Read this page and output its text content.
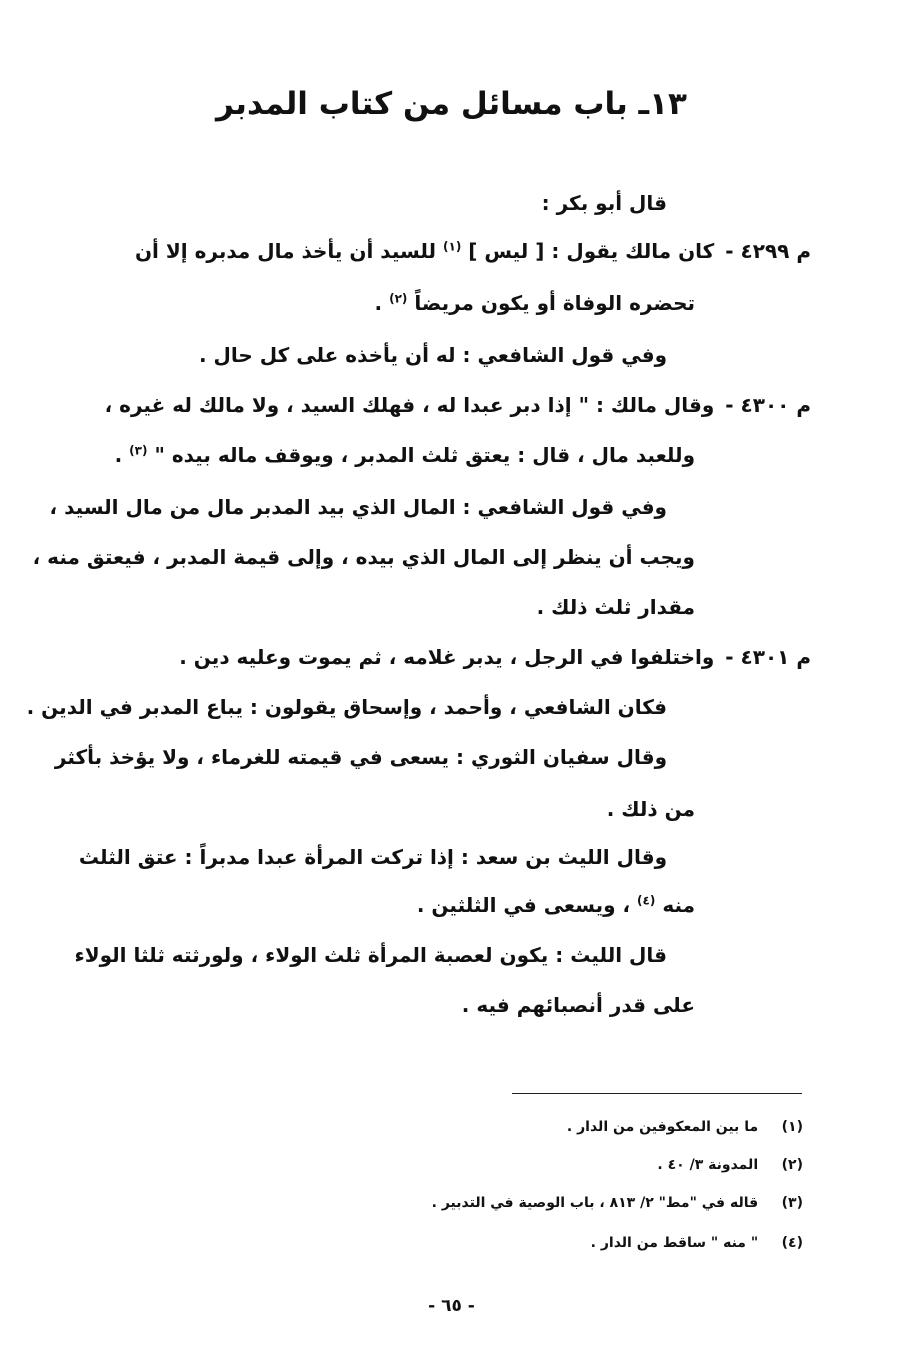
١٣ـ باب مسائل من كتاب المدبر
قال أبو بكر :
م ٤٢٩٩ - كان مالك يقول : [ ليس ] $^{(١)}$ للسيد أن يأخذ مال مدبره إلا أن
تحضره الوفاة أو يكون مريضاً $^{(٢)}$ .
وفي قول الشافعي : له أن يأخذه على كل حال .
م ٤٣٠٠ - وقال مالك : " إذا دبر عبدا له ، فهلك السيد ، ولا مالك له غيره ،
وللعبد مال ، قال : يعتق ثلث المدبر ، ويوقف ماله بيده " $^{(٣)}$ .
وفي قول الشافعي : المال الذي بيد المدبر مال من مال السيد ،
ويجب أن ينظر إلى المال الذي بيده ، وإلى قيمة المدبر ، فيعتق منه ،
مقدار ثلث ذلك .
م ٤٣٠١ - واختلفوا في الرجل ، يدبر غلامه ، ثم يموت وعليه دين .
فكان الشافعي ، وأحمد ، وإسحاق يقولون : يباع المدبر في الدين .
وقال سفيان الثوري : يسعى في قيمته للغرماء ، ولا يؤخذ بأكثر
من ذلك .
وقال الليث بن سعد : إذا تركت المرأة عبدا مدبراً : عتق الثلث
منه $^{(٤)}$ ، ويسعى في الثلثين .
قال الليث : يكون لعصبة المرأة ثلث الولاء ، ولورثته ثلثا الولاء
على قدر أنصبائهم فيه .
(١) ما بين المعكوفين من الدار .
(٢) المدونة ٣/ ٤٠ .
(٣) قاله في "مط" ٢/ ٨١٣ ، باب الوصية في التدبير .
(٤) " منه " ساقط من الدار .
- ٦٥ -
